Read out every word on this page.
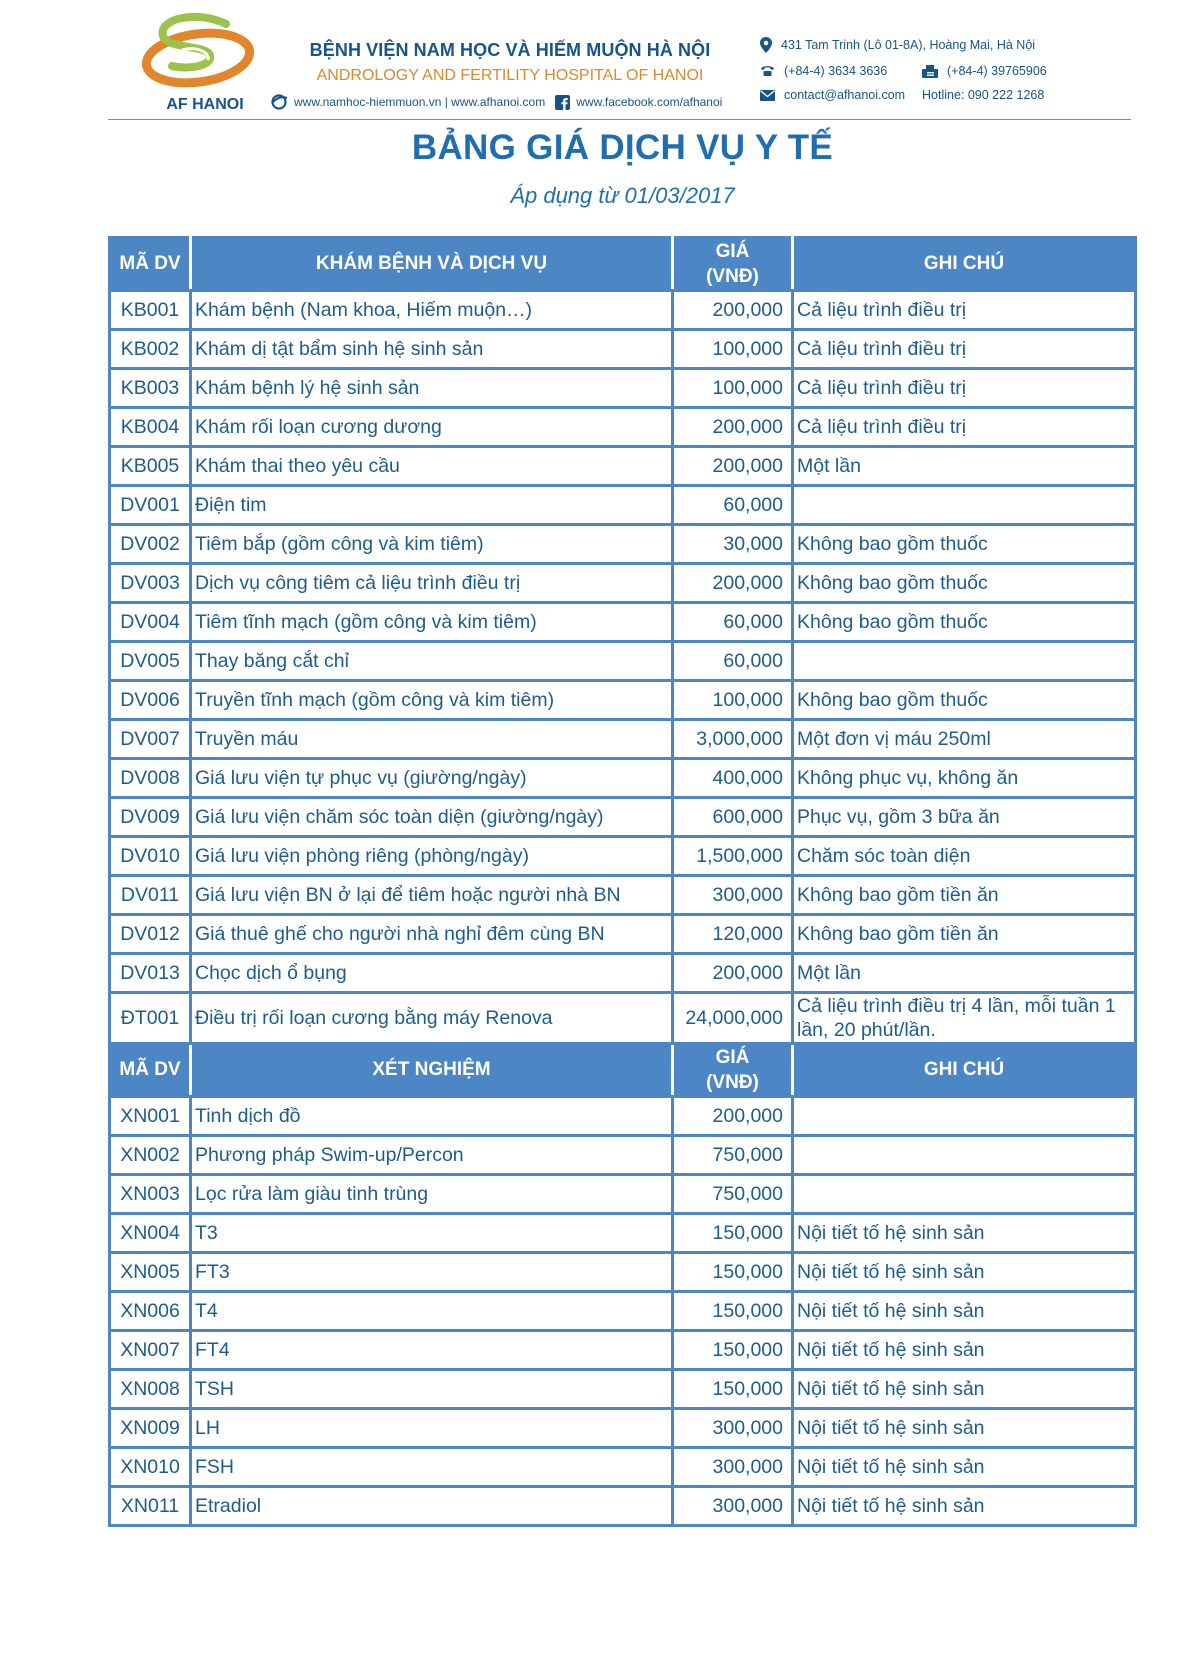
AF HANOI
BỆNH VIỆN NAM HỌC VÀ HIẾM MUỘN HÀ NỘI
ANDROLOGY AND FERTILITY HOSPITAL OF HANOI
www.namhoc-hiemmuon.vn | www.afhanoi.com	www.facebook.com/afhanoi
431 Tam Trinh (Lô 01-8A), Hoàng Mai, Hà Nội
(+84-4) 3634 3636	(+84-4) 39765906
contact@afhanoi.com Hotline: 090 222 1268
BẢNG GIÁ DỊCH VỤ Y TẾ
Áp dụng từ 01/03/2017
MÃ DV	KHÁM BỆNH VÀ DỊCH VỤ	GIÁ
(VNĐ)	GHI CHÚ
KB001	Khám bệnh (Nam khoa, Hiếm muộn…)	200,000	Cả liệu trình điều trị
KB002	Khám dị tật bẩm sinh hệ sinh sản	100,000	Cả liệu trình điều trị
KB003	Khám bệnh lý hệ sinh sản	100,000	Cả liệu trình điều trị
KB004	Khám rối loạn cương dương	200,000	Cả liệu trình điều trị
KB005	Khám thai theo yêu cầu	200,000	Một lần
DV001	Điện tim	60,000	
DV002	Tiêm bắp (gồm công và kim tiêm)	30,000	Không bao gồm thuốc
DV003	Dịch vụ công tiêm cả liệu trình điều trị	200,000	Không bao gồm thuốc
DV004	Tiêm tĩnh mạch (gồm công và kim tiêm)	60,000	Không bao gồm thuốc
DV005	Thay băng cắt chỉ	60,000	
DV006	Truyền tĩnh mạch (gồm công và kim tiêm)	100,000	Không bao gồm thuốc
DV007	Truyền máu	3,000,000	Một đơn vị máu 250ml
DV008	Giá lưu viện tự phục vụ (giường/ngày)	400,000	Không phục vụ, không ăn
DV009	Giá lưu viện chăm sóc toàn diện (giường/ngày)	600,000	Phục vụ, gồm 3 bữa ăn
DV010	Giá lưu viện phòng riêng (phòng/ngày)	1,500,000	Chăm sóc toàn diện
DV011	Giá lưu viện BN ở lại để tiêm hoặc người nhà BN	300,000	Không bao gồm tiền ăn
DV012	Giá thuê ghế cho người nhà nghỉ đêm cùng BN	120,000	Không bao gồm tiền ăn
DV013	Chọc dịch ổ bụng	200,000	Một lần
ĐT001	Điều trị rối loạn cương bằng máy Renova	24,000,000	Cả liệu trình điều trị 4 lần, mỗi tuần 1 lần, 20 phút/lần.
MÃ DV	XÉT NGHIỆM	GIÁ
(VNĐ)	GHI CHÚ
XN001	Tinh dịch đồ	200,000	
XN002	Phương pháp Swim-up/Percon	750,000	
XN003	Lọc rửa làm giàu tinh trùng	750,000	
XN004	T3	150,000	Nội tiết tố hệ sinh sản
XN005	FT3	150,000	Nội tiết tố hệ sinh sản
XN006	T4	150,000	Nội tiết tố hệ sinh sản
XN007	FT4	150,000	Nội tiết tố hệ sinh sản
XN008	TSH	150,000	Nội tiết tố hệ sinh sản
XN009	LH	300,000	Nội tiết tố hệ sinh sản
XN010	FSH	300,000	Nội tiết tố hệ sinh sản
XN011	Etradiol	300,000	Nội tiết tố hệ sinh sản
